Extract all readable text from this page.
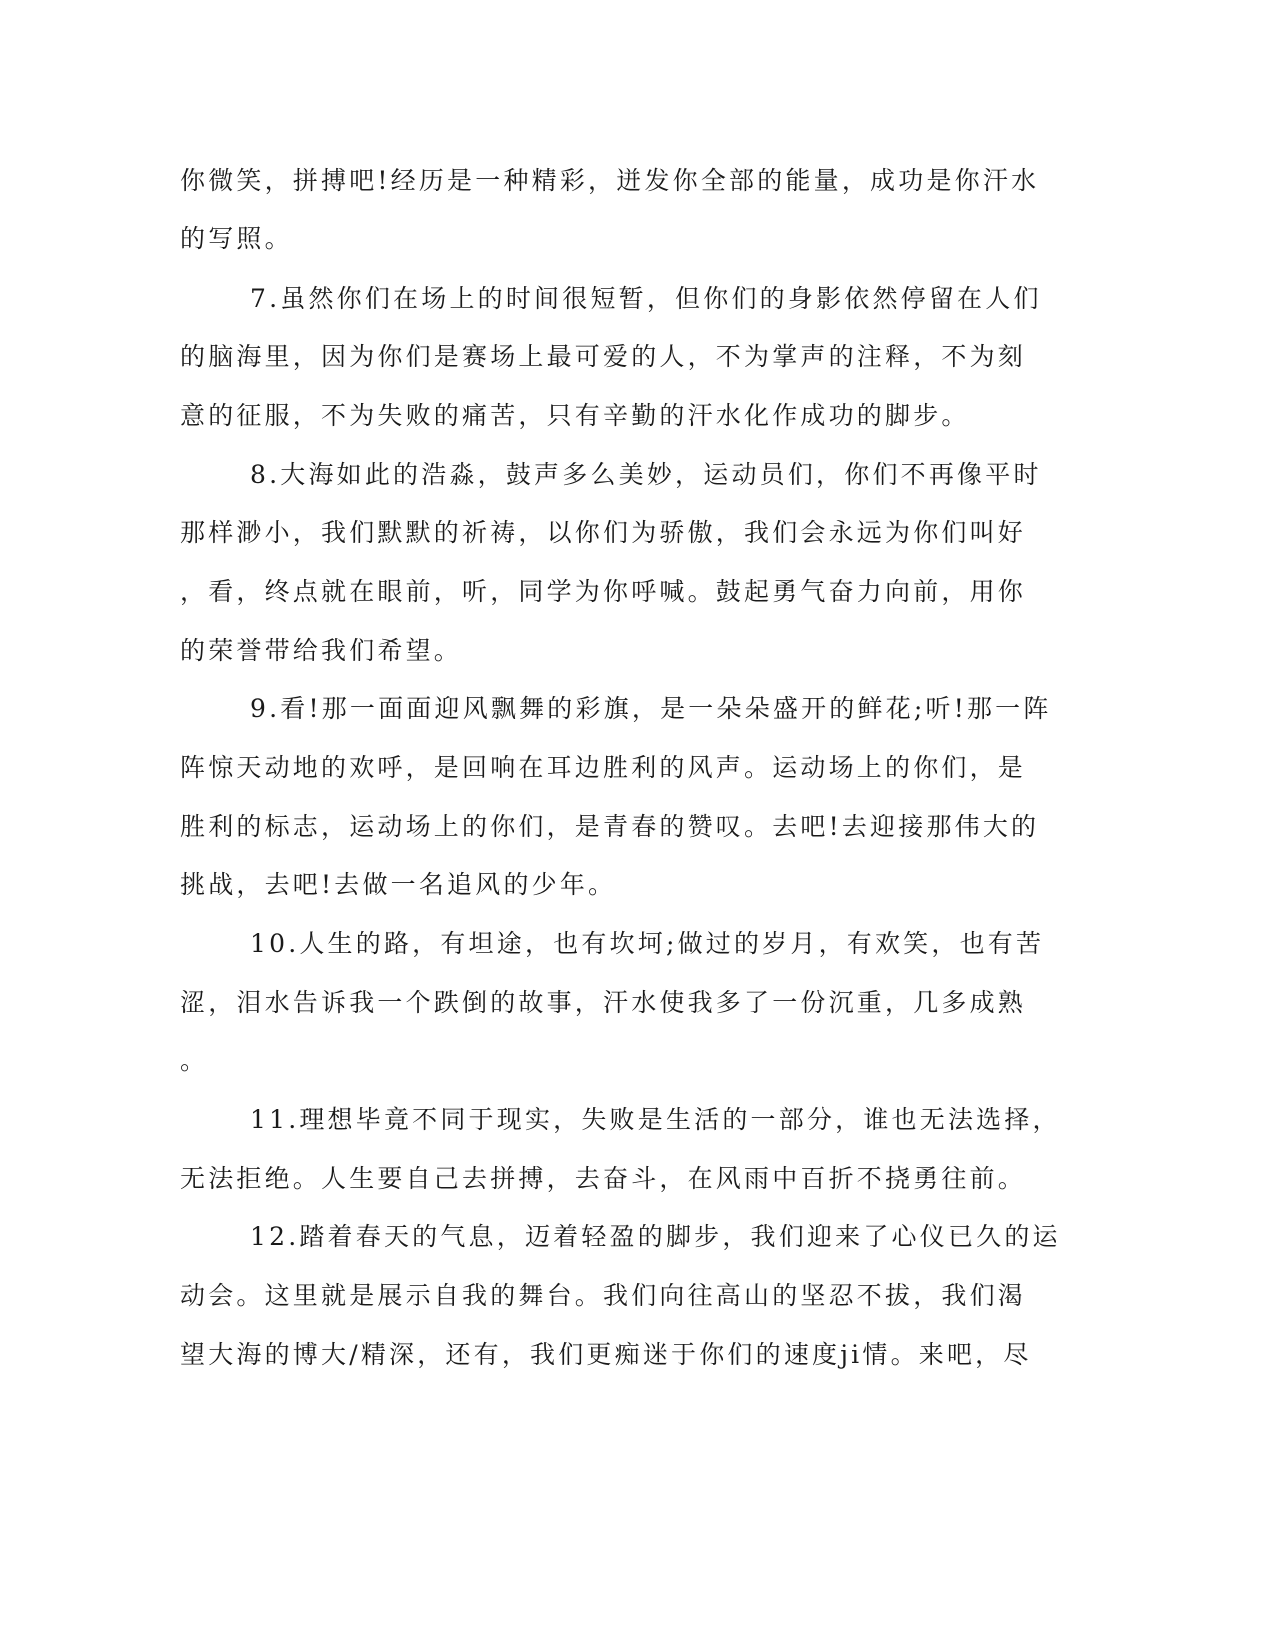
你微笑，拼搏吧!经历是一种精彩，迸发你全部的能量，成功是你汗水
的写照。
7.虽然你们在场上的时间很短暂，但你们的身影依然停留在人们
的脑海里，因为你们是赛场上最可爱的人，不为掌声的注释，不为刻
意的征服，不为失败的痛苦，只有辛勤的汗水化作成功的脚步。
8.大海如此的浩淼，鼓声多么美妙，运动员们，你们不再像平时
那样渺小，我们默默的祈祷，以你们为骄傲，我们会永远为你们叫好
，看，终点就在眼前，听，同学为你呼喊。鼓起勇气奋力向前，用你
的荣誉带给我们希望。
9.看!那一面面迎风飘舞的彩旗，是一朵朵盛开的鲜花;听!那一阵
阵惊天动地的欢呼，是回响在耳边胜利的风声。运动场上的你们，是
胜利的标志，运动场上的你们，是青春的赞叹。去吧!去迎接那伟大的
挑战，去吧!去做一名追风的少年。
10.人生的路，有坦途，也有坎坷;做过的岁月，有欢笑，也有苦
涩，泪水告诉我一个跌倒的故事，汗水使我多了一份沉重，几多成熟
。
11.理想毕竟不同于现实，失败是生活的一部分，谁也无法选择，
无法拒绝。人生要自己去拼搏，去奋斗，在风雨中百折不挠勇往前。
12.踏着春天的气息，迈着轻盈的脚步，我们迎来了心仪已久的运
动会。这里就是展示自我的舞台。我们向往高山的坚忍不拔，我们渴
望大海的博大/精深，还有，我们更痴迷于你们的速度ji情。来吧，尽
